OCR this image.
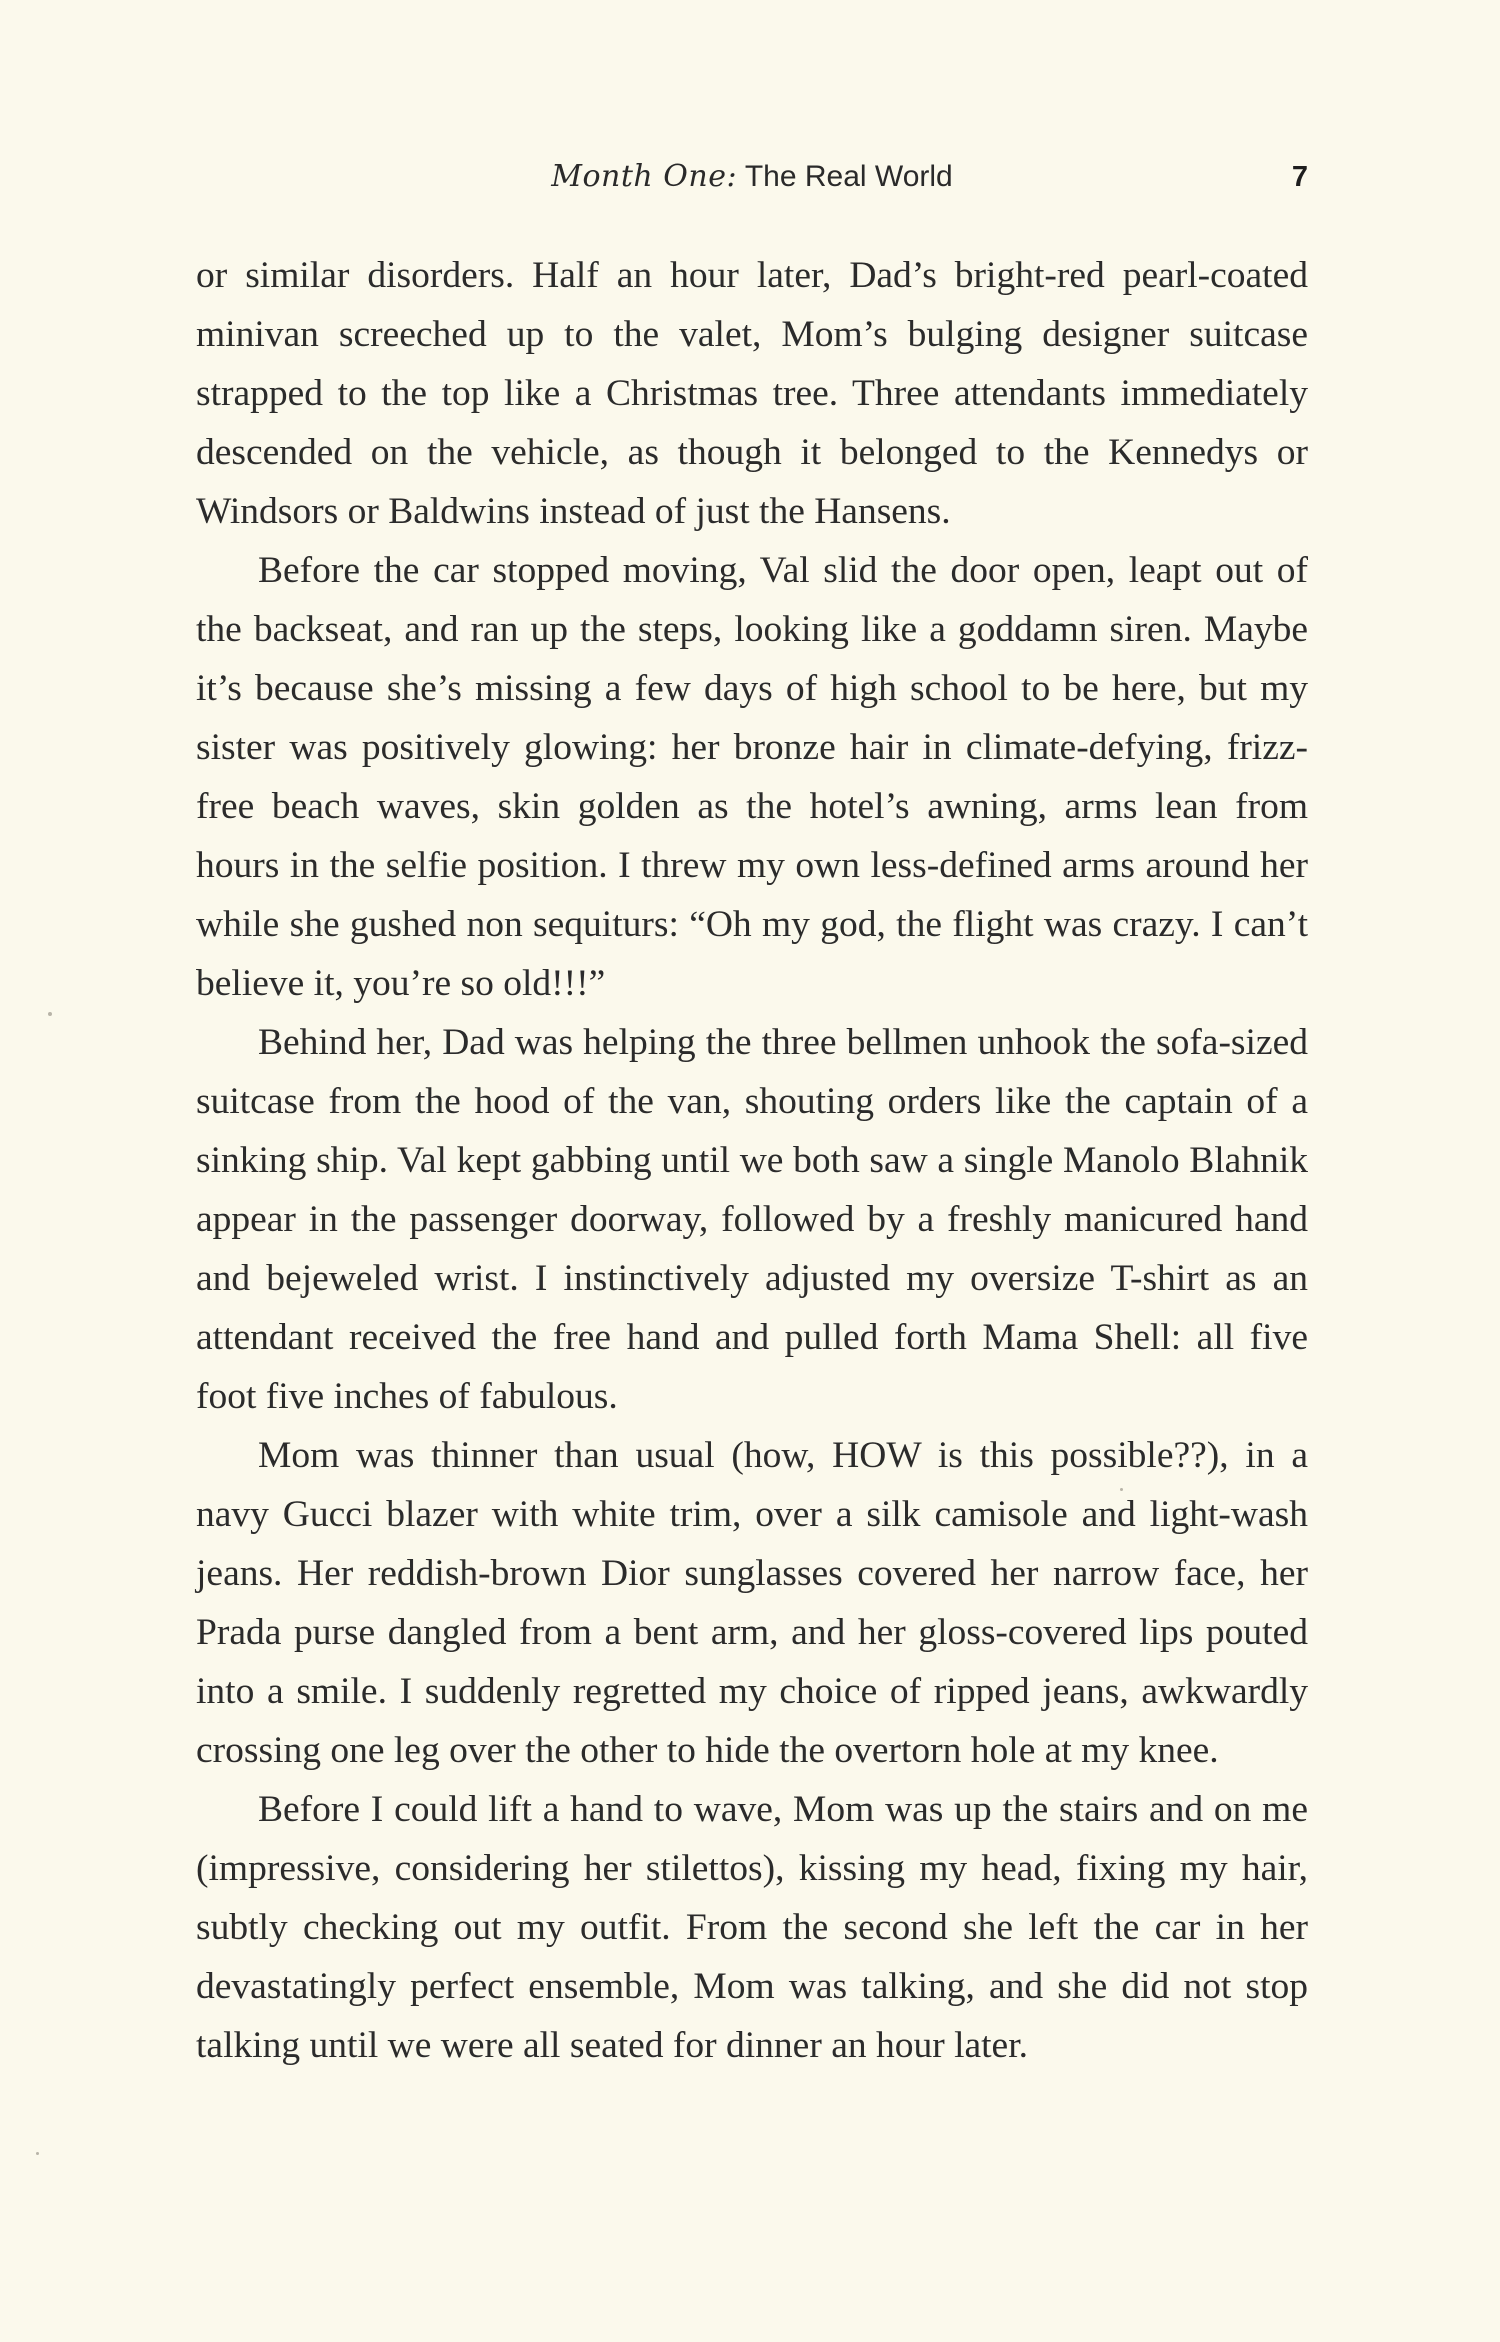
Month One: The Real World	7

or similar disorders. Half an hour later, Dad’s bright-red pearl-coated minivan screeched up to the valet, Mom’s bulging designer suitcase strapped to the top like a Christmas tree. Three attendants immediately descended on the vehicle, as though it belonged to the Kennedys or Windsors or Baldwins instead of just the Hansens.

Before the car stopped moving, Val slid the door open, leapt out of the backseat, and ran up the steps, looking like a goddamn siren. Maybe it’s because she’s missing a few days of high school to be here, but my sister was positively glowing: her bronze hair in climate-defying, frizz-free beach waves, skin golden as the hotel’s awning, arms lean from hours in the selfie position. I threw my own less-defined arms around her while she gushed non sequiturs: “Oh my god, the flight was crazy. I can’t believe it, you’re so old!!!”

Behind her, Dad was helping the three bellmen unhook the sofa-sized suitcase from the hood of the van, shouting orders like the captain of a sinking ship. Val kept gabbing until we both saw a single Manolo Blahnik appear in the passenger doorway, followed by a freshly manicured hand and bejeweled wrist. I instinctively adjusted my oversize T-shirt as an attendant received the free hand and pulled forth Mama Shell: all five foot five inches of fabulous.

Mom was thinner than usual (how, HOW is this possible??), in a navy Gucci blazer with white trim, over a silk camisole and light-wash jeans. Her reddish-brown Dior sunglasses covered her narrow face, her Prada purse dangled from a bent arm, and her gloss-covered lips pouted into a smile. I suddenly regretted my choice of ripped jeans, awkwardly crossing one leg over the other to hide the overtorn hole at my knee.

Before I could lift a hand to wave, Mom was up the stairs and on me (impressive, considering her stilettos), kissing my head, fixing my hair, subtly checking out my outfit. From the second she left the car in her devastatingly perfect ensemble, Mom was talking, and she did not stop talking until we were all seated for dinner an hour later.
